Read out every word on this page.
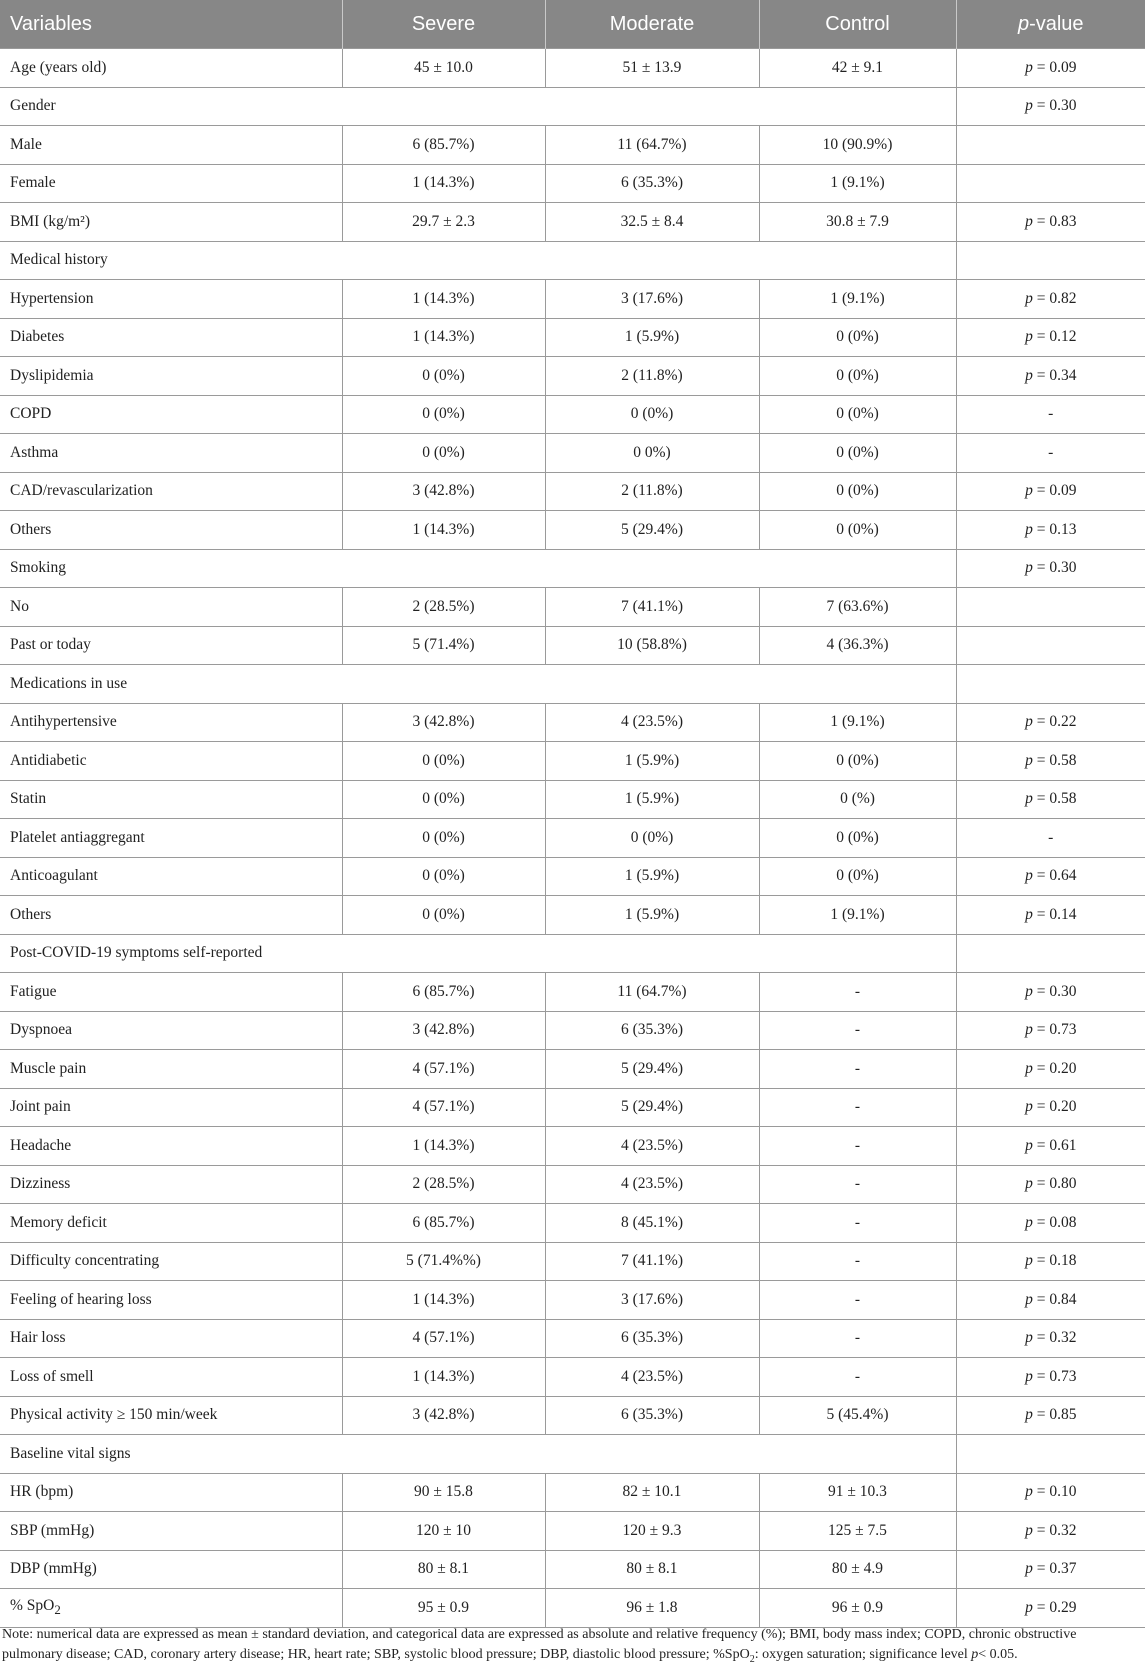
Variables	Severe	Moderate	Control	p-value
Age (years old)	45 ± 10.0	51 ± 13.9	42 ± 9.1	p = 0.09
Gender				p = 0.30
Male	6 (85.7%)	11 (64.7%)	10 (90.9%)	
Female	1 (14.3%)	6 (35.3%)	1 (9.1%)	
BMI (kg/m²)	29.7 ± 2.3	32.5 ± 8.4	30.8 ± 7.9	p = 0.83
Medical history				
Hypertension	1 (14.3%)	3 (17.6%)	1 (9.1%)	p = 0.82
Diabetes	1 (14.3%)	1 (5.9%)	0 (0%)	p = 0.12
Dyslipidemia	0 (0%)	2 (11.8%)	0 (0%)	p = 0.34
COPD	0 (0%)	0 (0%)	0 (0%)	-
Asthma	0 (0%)	0 0%)	0 (0%)	-
CAD/revascularization	3 (42.8%)	2 (11.8%)	0 (0%)	p = 0.09
Others	1 (14.3%)	5 (29.4%)	0 (0%)	p = 0.13
Smoking				p = 0.30
No	2 (28.5%)	7 (41.1%)	7 (63.6%)	
Past or today	5 (71.4%)	10 (58.8%)	4 (36.3%)	
Medications in use				
Antihypertensive	3 (42.8%)	4 (23.5%)	1 (9.1%)	p = 0.22
Antidiabetic	0 (0%)	1 (5.9%)	0 (0%)	p = 0.58
Statin	0 (0%)	1 (5.9%)	0 (%)	p = 0.58
Platelet antiaggregant	0 (0%)	0 (0%)	0 (0%)	-
Anticoagulant	0 (0%)	1 (5.9%)	0 (0%)	p = 0.64
Others	0 (0%)	1 (5.9%)	1 (9.1%)	p = 0.14
Post-COVID-19 symptoms self-reported				
Fatigue	6 (85.7%)	11 (64.7%)	-	p = 0.30
Dyspnoea	3 (42.8%)	6 (35.3%)	-	p = 0.73
Muscle pain	4 (57.1%)	5 (29.4%)	-	p = 0.20
Joint pain	4 (57.1%)	5 (29.4%)	-	p = 0.20
Headache	1 (14.3%)	4 (23.5%)	-	p = 0.61
Dizziness	2 (28.5%)	4 (23.5%)	-	p = 0.80
Memory deficit	6 (85.7%)	8 (45.1%)	-	p = 0.08
Difficulty concentrating	5 (71.4%%)	7 (41.1%)	-	p = 0.18
Feeling of hearing loss	1 (14.3%)	3 (17.6%)	-	p = 0.84
Hair loss	4 (57.1%)	6 (35.3%)	-	p = 0.32
Loss of smell	1 (14.3%)	4 (23.5%)	-	p = 0.73
Physical activity ≥ 150 min/week	3 (42.8%)	6 (35.3%)	5 (45.4%)	p = 0.85
Baseline vital signs				
HR (bpm)	90 ± 15.8	82 ± 10.1	91 ± 10.3	p = 0.10
SBP (mmHg)	120 ± 10	120 ± 9.3	125 ± 7.5	p = 0.32
DBP (mmHg)	80 ± 8.1	80 ± 8.1	80 ± 4.9	p = 0.37
% SpO$_2$	95 ± 0.9	96 ± 1.8	96 ± 0.9	p = 0.29
Note: numerical data are expressed as mean ± standard deviation, and categorical data are expressed as absolute and relative frequency (%); BMI, body mass index; COPD, chronic obstructive pulmonary disease; CAD, coronary artery disease; HR, heart rate; SBP, systolic blood pressure; DBP, diastolic blood pressure; %SpO$_2$: oxygen saturation; significance level p< 0.05.
